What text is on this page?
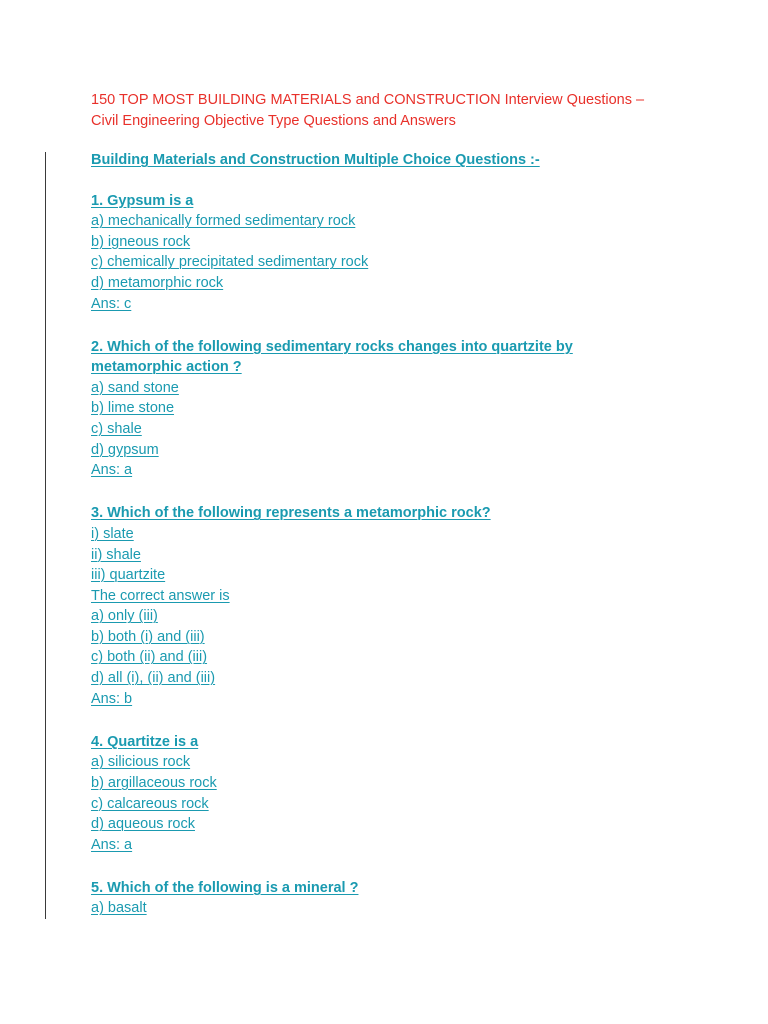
150 TOP MOST BUILDING MATERIALS and CONSTRUCTION Interview Questions –
Civil Engineering Objective Type Questions and Answers
Building Materials and Construction Multiple Choice Questions :-
1. Gypsum is a
a) mechanically formed sedimentary rock
b) igneous rock
c) chemically precipitated sedimentary rock
d) metamorphic rock
Ans: c
2. Which of the following sedimentary rocks changes into quartzite by
metamorphic action ?
a) sand stone
b) lime stone
c) shale
d) gypsum
Ans: a
3. Which of the following represents a metamorphic rock?
i) slate
ii) shale
iii) quartzite
The correct answer is
a) only (iii)
b) both (i) and (iii)
c) both (ii) and (iii)
d) all (i), (ii) and (iii)
Ans: b
4. Quartitze is a
a) silicious rock
b) argillaceous rock
c) calcareous rock
d) aqueous rock
Ans: a
5. Which of the following is a mineral ?
a) basalt
